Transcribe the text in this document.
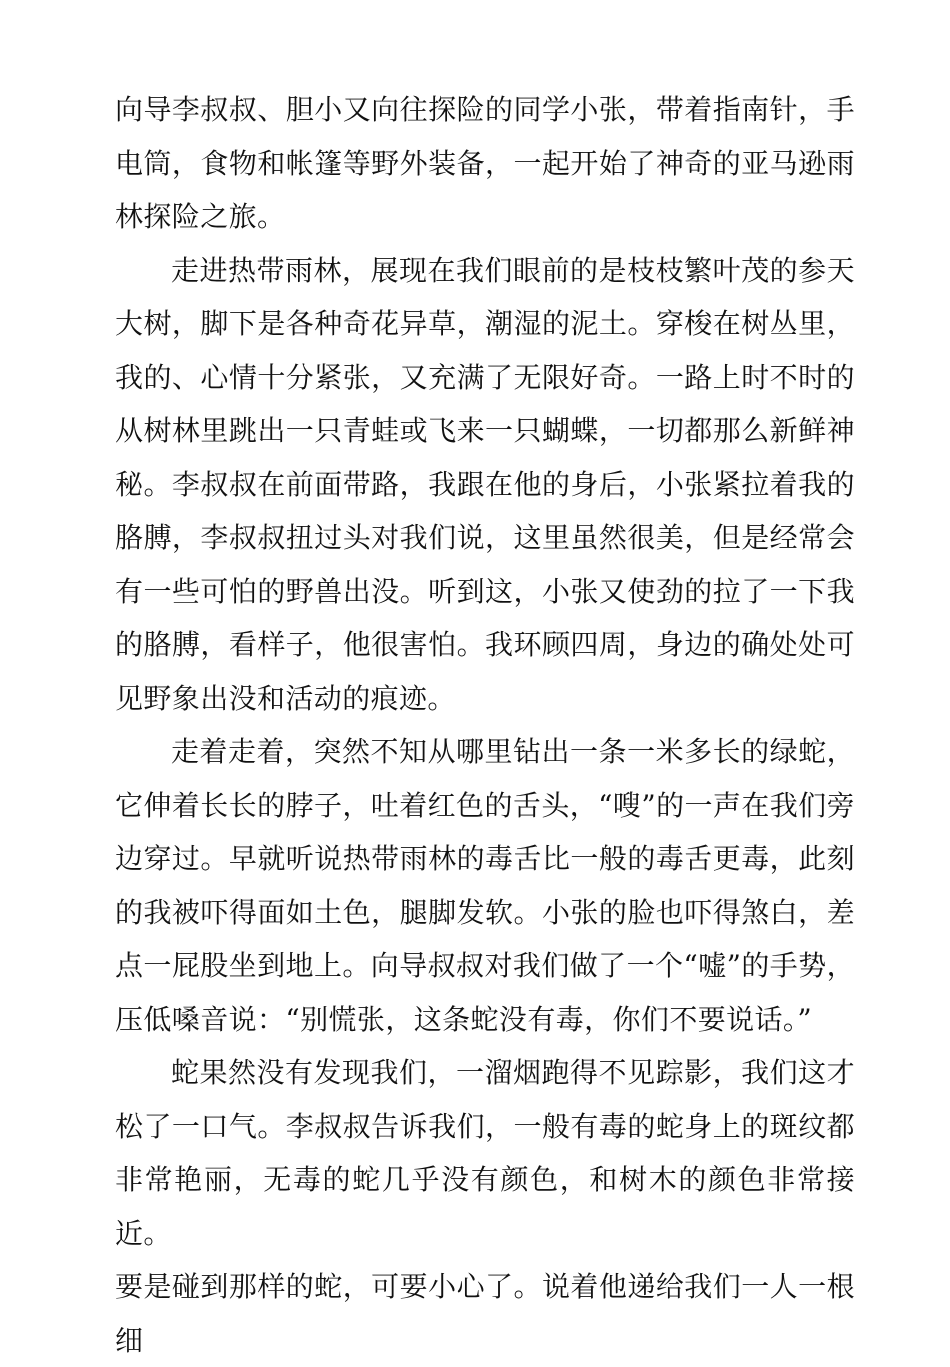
向导李叔叔、胆小又向往探险的同学小张，带着指南针，手电筒，食物和帐篷等野外装备，一起开始了神奇的亚马逊雨林探险之旅。

走进热带雨林，展现在我们眼前的是枝枝繁叶茂的参天大树，脚下是各种奇花异草，潮湿的泥土。穿梭在树丛里，我的、心情十分紧张，又充满了无限好奇。一路上时不时的从树林里跳出一只青蛙或飞来一只蝴蝶，一切都那么新鲜神秘。李叔叔在前面带路，我跟在他的身后，小张紧拉着我的胳膊，李叔叔扭过头对我们说，这里虽然很美，但是经常会有一些可怕的野兽出没。听到这，小张又使劲的拉了一下我的胳膊，看样子，他很害怕。我环顾四周，身边的确处处可见野象出没和活动的痕迹。

走着走着，突然不知从哪里钻出一条一米多长的绿蛇，它伸着长长的脖子，吐着红色的舌头，“嗖”的一声在我们旁边穿过。早就听说热带雨林的毒舌比一般的毒舌更毒，此刻的我被吓得面如土色，腿脚发软。小张的脸也吓得煞白，差点一屁股坐到地上。向导叔叔对我们做了一个“嘘”的手势，压低嗓音说：“别慌张，这条蛇没有毒，你们不要说话。”

蛇果然没有发现我们，一溜烟跑得不见踪影，我们这才松了一口气。李叔叔告诉我们，一般有毒的蛇身上的斑纹都非常艳丽，无毒的蛇几乎没有颜色，和树木的颜色非常接近。

要是碰到那样的蛇，可要小心了。说着他递给我们一人一根细
